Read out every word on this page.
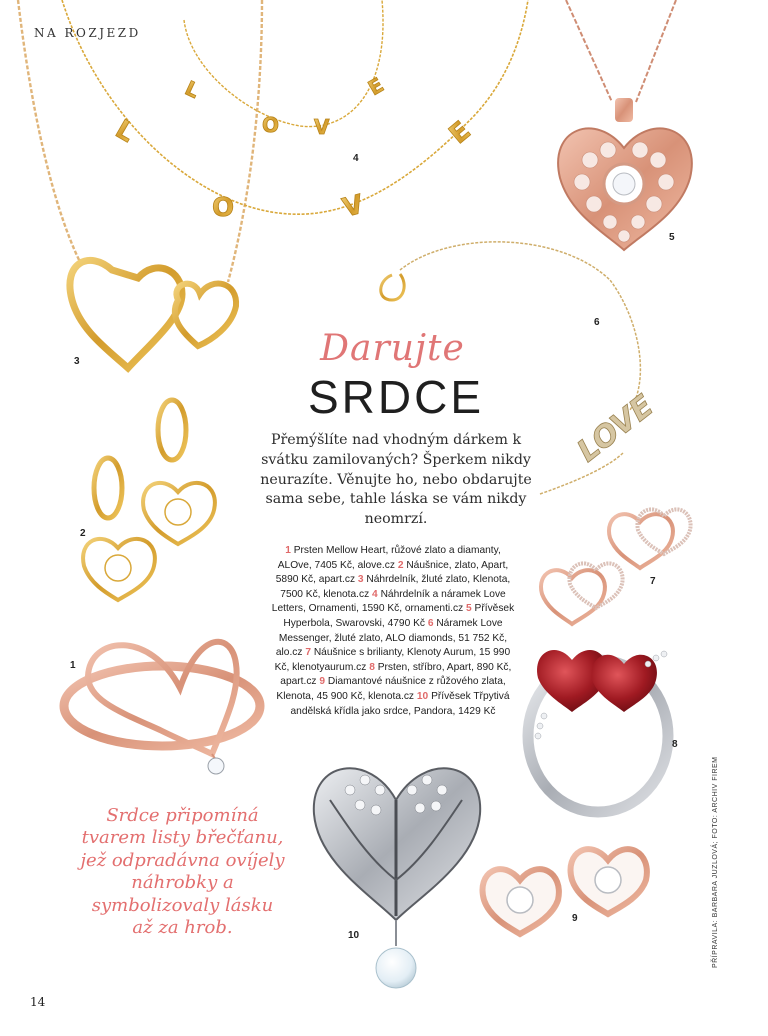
NA ROZJEZD
L
O	V
E
L
O V
E
LOVE
1
2
3
4
5
6
7
8
9
10
Darujte
SRDCE
Přemýšlíte nad vhodným dárkem k svátku zamilovaných? Šperkem nikdy neurazíte. Věnujte ho, nebo obdarujte sama sebe, tahle láska se vám nikdy neomrzí.
1 Prsten Mellow Heart, růžové zlato a diamanty, ALOve, 7405 Kč, alove.cz 2 Náušnice, zlato, Apart, 5890 Kč, apart.cz 3 Náhrdelník, žluté zlato, Klenota, 7500 Kč, klenota.cz 4 Náhrdelník a náramek Love Letters, Ornamenti, 1590 Kč, ornamenti.cz 5 Přívěsek Hyperbola, Swarovski, 4790 Kč 6 Náramek Love Messenger, žluté zlato, ALO diamonds, 51 752 Kč, alo.cz 7 Náušnice s brilianty, Klenoty Aurum, 15 990 Kč, klenotyaurum.cz 8 Prsten, stříbro, Apart, 890 Kč, apart.cz 9 Diamantové náušnice z růžového zlata, Klenota, 45 900 Kč, klenota.cz 10 Přívěsek Třpytivá andělská křídla jako srdce, Pandora, 1429 Kč
Srdce připomíná tvarem listy břečťanu, jež odpradávna ovíjely náhrobky a symbolizovaly lásku až za hrob.
14
PŘÍPRAVILA: BARBARA JUZLOVÁ; FOTO: ARCHIV FIREM
